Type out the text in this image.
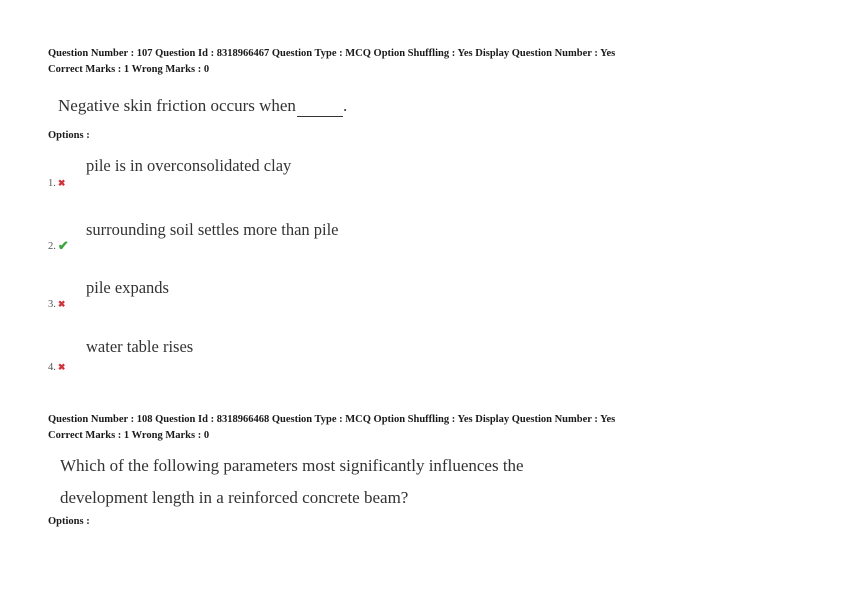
Question Number : 107 Question Id : 8318966467 Question Type : MCQ Option Shuffling : Yes Display Question Number : Yes
Correct Marks : 1 Wrong Marks : 0
Negative skin friction occurs when	.
Options :
pile is in overconsolidated clay
1. ✖
surrounding soil settles more than pile
2. ✔
pile expands
3. ✖
water table rises
4. ✖
Question Number : 108 Question Id : 8318966468 Question Type : MCQ Option Shuffling : Yes Display Question Number : Yes
Correct Marks : 1 Wrong Marks : 0
Which of the following parameters most significantly influences the
development length in a reinforced concrete beam?
Options :
